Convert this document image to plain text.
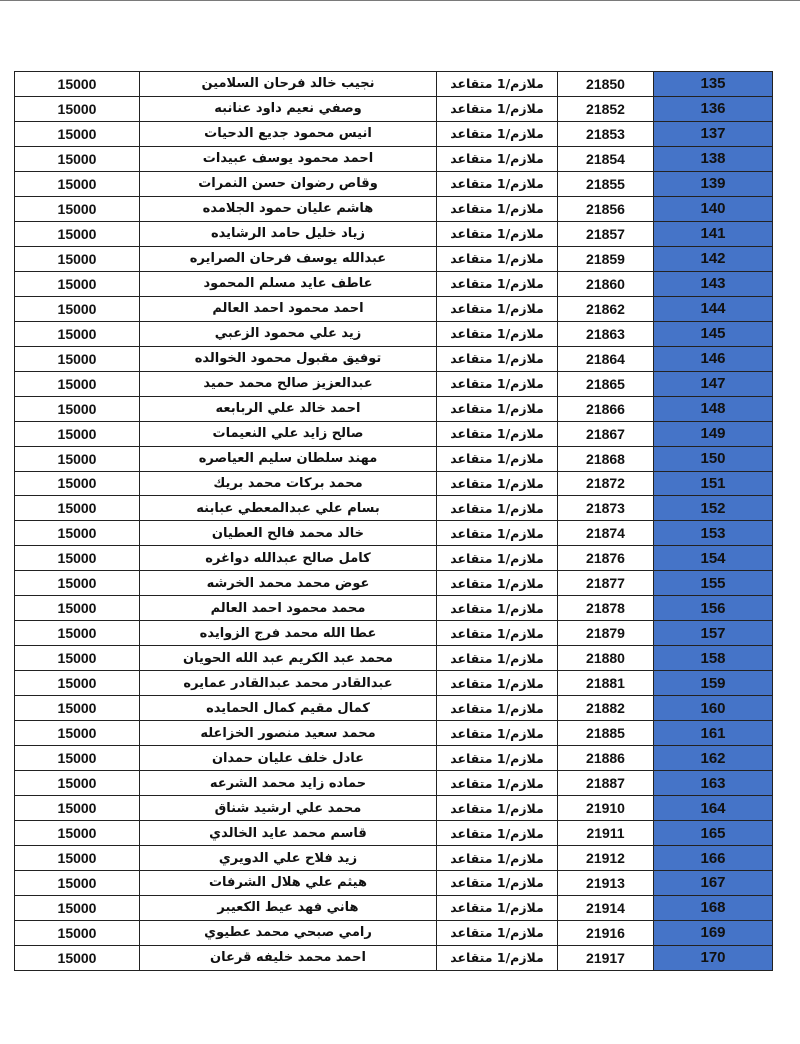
15000	نجيب خالد فرحان السلامين	ملازم/1 متقاعد	21850	135
15000	وصفي نعيم داود عنانبه	ملازم/1 متقاعد	21852	136
15000	انيس محمود جديع الدحيات	ملازم/1 متقاعد	21853	137
15000	احمد محمود يوسف عبيدات	ملازم/1 متقاعد	21854	138
15000	وقاص رضوان حسن النمرات	ملازم/1 متقاعد	21855	139
15000	هاشم عليان حمود الجلامده	ملازم/1 متقاعد	21856	140
15000	زياد خليل حامد الرشايده	ملازم/1 متقاعد	21857	141
15000	عبدالله يوسف فرحان الصرايره	ملازم/1 متقاعد	21859	142
15000	عاطف عايد مسلم المحمود	ملازم/1 متقاعد	21860	143
15000	احمد محمود احمد العالم	ملازم/1 متقاعد	21862	144
15000	زيد علي محمود الزعبي	ملازم/1 متقاعد	21863	145
15000	توفيق مقبول محمود الخوالده	ملازم/1 متقاعد	21864	146
15000	عبدالعزيز صالح محمد حميد	ملازم/1 متقاعد	21865	147
15000	احمد خالد علي الربابعه	ملازم/1 متقاعد	21866	148
15000	صالح زايد علي النعيمات	ملازم/1 متقاعد	21867	149
15000	مهند سلطان سليم العياصره	ملازم/1 متقاعد	21868	150
15000	محمد بركات محمد بريك	ملازم/1 متقاعد	21872	151
15000	بسام علي عبدالمعطي عبابنه	ملازم/1 متقاعد	21873	152
15000	خالد محمد فالح العطيان	ملازم/1 متقاعد	21874	153
15000	كامل صالح عبدالله دواغره	ملازم/1 متقاعد	21876	154
15000	عوض محمد محمد الخرشه	ملازم/1 متقاعد	21877	155
15000	محمد محمود احمد العالم	ملازم/1 متقاعد	21878	156
15000	عطا الله محمد فرج الزوايده	ملازم/1 متقاعد	21879	157
15000	محمد عبد الكريم عبد الله الحويان	ملازم/1 متقاعد	21880	158
15000	عبدالقادر محمد عبدالقادر عمايره	ملازم/1 متقاعد	21881	159
15000	كمال مقيم كمال الحمايده	ملازم/1 متقاعد	21882	160
15000	محمد سعيد منصور الخزاعله	ملازم/1 متقاعد	21885	161
15000	عادل خلف عليان حمدان	ملازم/1 متقاعد	21886	162
15000	حماده زايد محمد الشرعه	ملازم/1 متقاعد	21887	163
15000	محمد علي ارشيد شناق	ملازم/1 متقاعد	21910	164
15000	قاسم محمد عايد الخالدي	ملازم/1 متقاعد	21911	165
15000	زيد فلاح علي الدويري	ملازم/1 متقاعد	21912	166
15000	هيثم علي هلال الشرفات	ملازم/1 متقاعد	21913	167
15000	هاني فهد عيط الكعيبر	ملازم/1 متقاعد	21914	168
15000	رامي صبحي محمد عطيوي	ملازم/1 متقاعد	21916	169
15000	احمد محمد خليفه قرعان	ملازم/1 متقاعد	21917	170
